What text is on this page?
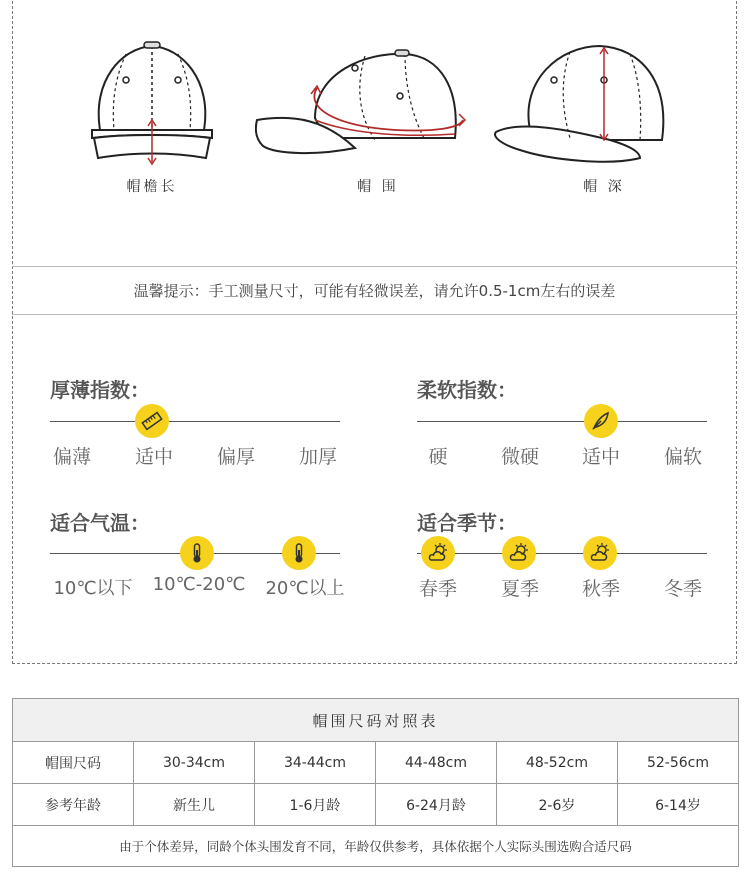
帽檐长	帽 围	帽 深
温馨提示：手工测量尺寸，可能有轻微误差，请允许0.5-1cm左右的误差
厚薄指数：
偏薄	适中	偏厚	加厚
柔软指数：
硬	微硬	适中	偏软
适合气温：
10℃以下	10℃-20℃	20℃以上
适合季节：
春季	夏季	秋季	冬季
帽围尺码对照表					
帽围尺码	30-34cm	34-44cm	44-48cm	48-52cm	52-56cm
参考年龄	新生儿	1-6月龄	6-24月龄	2-6岁	6-14岁
由于个体差异，同龄个体头围发育不同，年龄仅供参考，具体依据个人实际头围选购合适尺码					
